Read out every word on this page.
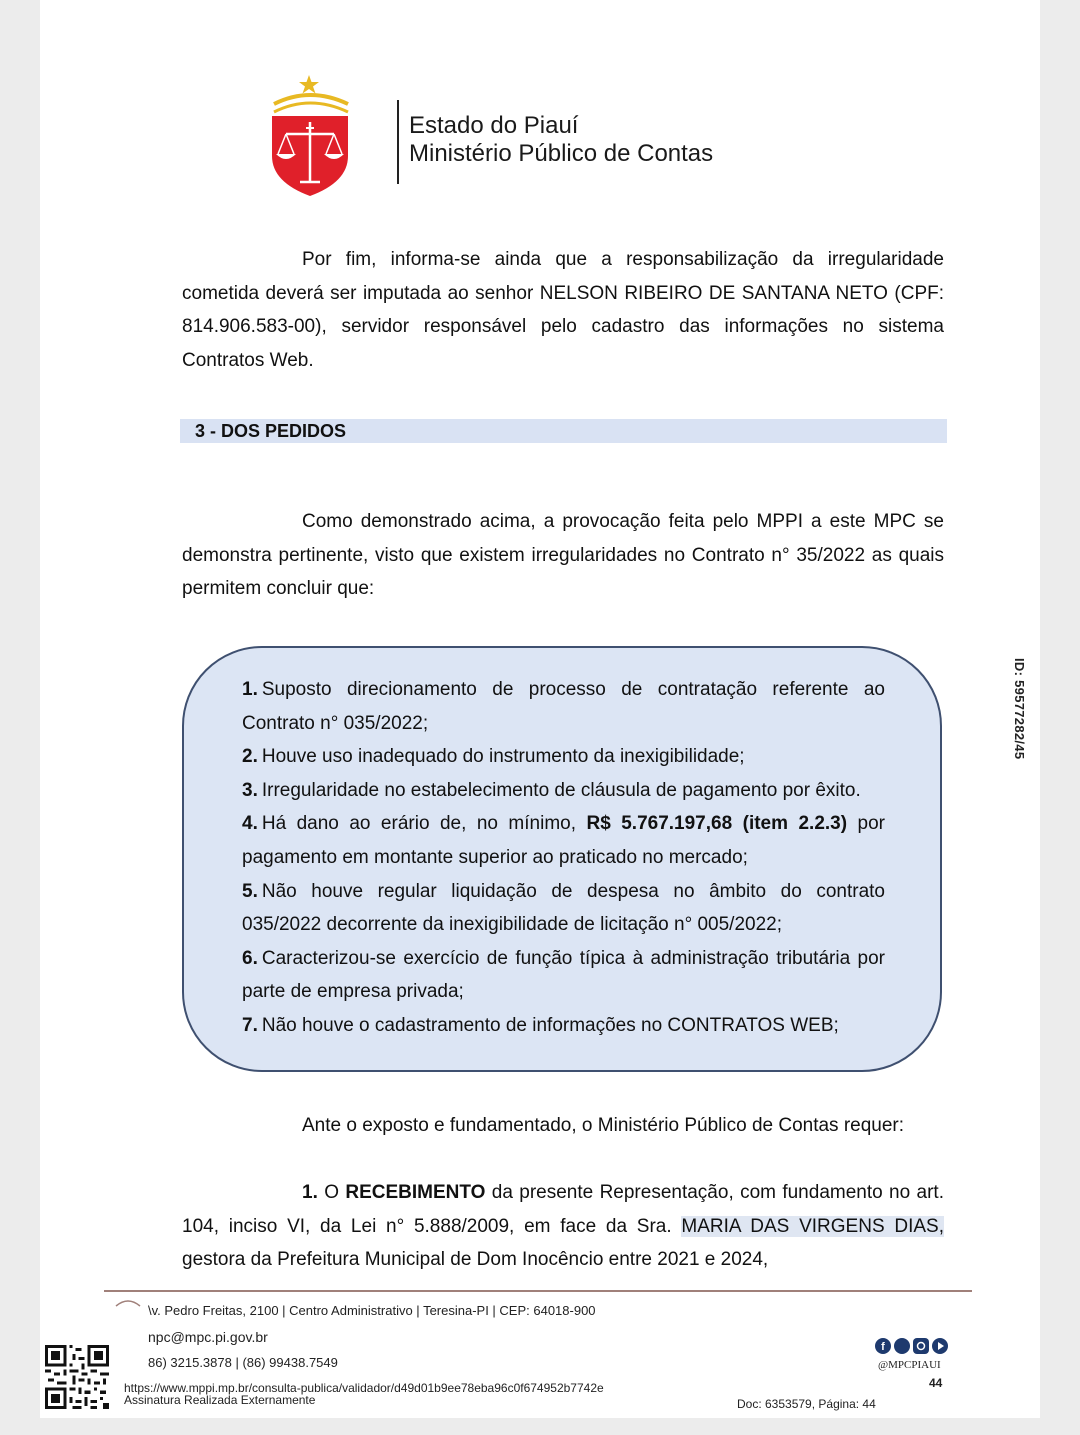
Estado do Piauí
Ministério Público de Contas
Por fim, informa-se ainda que a responsabilização da irregularidade cometida deverá ser imputada ao senhor NELSON RIBEIRO DE SANTANA NETO (CPF: 814.906.583-00), servidor responsável pelo cadastro das informações no sistema Contratos Web.
3 - DOS PEDIDOS
Como demonstrado acima, a provocação feita pelo MPPI a este MPC se demonstra pertinente, visto que existem irregularidades no Contrato n° 35/2022 as quais permitem concluir que:
1. Suposto direcionamento de processo de contratação referente ao Contrato n° 035/2022;
2. Houve uso inadequado do instrumento da inexigibilidade;
3. Irregularidade no estabelecimento de cláusula de pagamento por êxito.
4. Há dano ao erário de, no mínimo, R$ 5.767.197,68 (item 2.2.3) por pagamento em montante superior ao praticado no mercado;
5. Não houve regular liquidação de despesa no âmbito do contrato 035/2022 decorrente da inexigibilidade de licitação n° 005/2022;
6. Caracterizou-se exercício de função típica à administração tributária por parte de empresa privada;
7. Não houve o cadastramento de informações no CONTRATOS WEB;
Ante o exposto e fundamentado, o Ministério Público de Contas requer:
1. O RECEBIMENTO da presente Representação, com fundamento no art. 104, inciso VI, da Lei n° 5.888/2009, em face da Sra. MARIA DAS VIRGENS DIAS, gestora da Prefeitura Municipal de Dom Inocêncio entre 2021 e 2024,
\v. Pedro Freitas, 2100 | Centro Administrativo | Teresina-PI | CEP: 64018-900
npc@mpc.pi.gov.br
86) 3215.3878 | (86) 99438.7549
f
@MPCPIAUI
44
https://www.mppi.mp.br/consulta-publica/validador/d49d01b9ee78eba96c0f674952b7742e
Assinatura Realizada Externamente	Doc: 6353579, Página: 44
ID: 59577282/45
